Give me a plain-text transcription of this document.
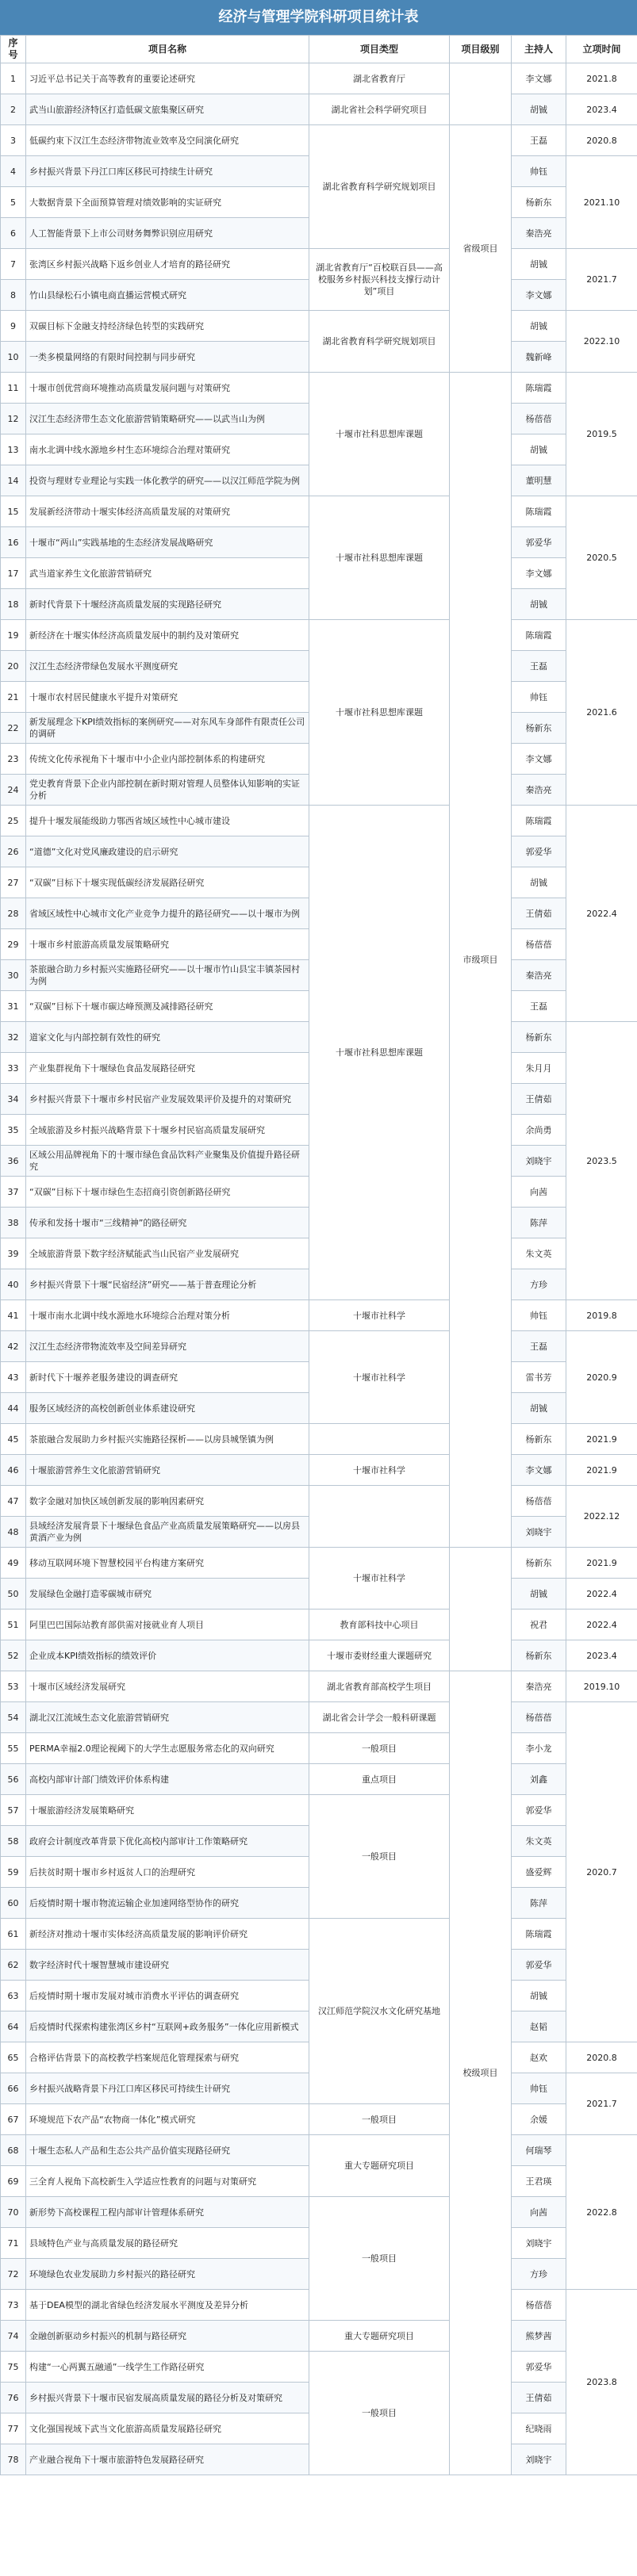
经济与管理学院科研项目统计表
序号	项目名称	项目类型	项目级别	主持人	立项时间
1	习近平总书记关于高等教育的重要论述研究	湖北省教育厅		李文娜	2021.8
2	武当山旅游经济特区打造低碳文旅集聚区研究	湖北省社会科学研究项目		胡铖	2023.4
3	低碳约束下汉江生态经济带物流业效率及空间演化研究	湖北省教育科学研究规划项目	省级项目	王磊	2020.8
4	乡村振兴背景下丹江口库区移民可持续生计研究			帅钰	2021.10
5	大数据背景下全面预算管理对绩效影响的实证研究			杨新东	
6	人工智能背景下上市公司财务舞弊识别应用研究			秦浩亮	
7	张湾区乡村振兴战略下返乡创业人才培育的路径研究	湖北省教育厅“百校联百县——高校服务乡村振兴科技支撑行动计划”项目		胡铖	2021.7
8	竹山县绿松石小镇电商直播运营模式研究			李文娜	
9	双碳目标下金融支持经济绿色转型的实践研究	湖北省教育科学研究规划项目		胡铖	2022.10
10	一类多模量网络的有限时间控制与同步研究			魏新峰	
11	十堰市创优营商环境推动高质量发展问题与对策研究	十堰市社科思想库课题	市级项目	陈瑞霞	2019.5
12	汉江生态经济带生态文化旅游营销策略研究——以武当山为例			杨蓓蓓	
13	南水北调中线水源地乡村生态环境综合治理对策研究			胡铖	
14	投资与理财专业理论与实践一体化教学的研究——以汉江师范学院为例			董明慧	
15	发展新经济带动十堰实体经济高质量发展的对策研究	十堰市社科思想库课题		陈瑞霞	2020.5
16	十堰市“两山”实践基地的生态经济发展战略研究			郭爱华	
17	武当道家养生文化旅游营销研究			李文娜	
18	新时代背景下十堰经济高质量发展的实现路径研究			胡铖	
19	新经济在十堰实体经济高质量发展中的制约及对策研究	十堰市社科思想库课题		陈瑞霞	2021.6
20	汉江生态经济带绿色发展水平测度研究			王磊	
21	十堰市农村居民健康水平提升对策研究			帅钰	
22	新发展理念下KPI绩效指标的案例研究——对东风车身部件有限责任公司的调研			杨新东	
23	传统文化传承视角下十堰市中小企业内部控制体系的构建研究			李文娜	
24	党史教育背景下企业内部控制在新时期对管理人员整体认知影响的实证分析			秦浩亮	
25	提升十堰发展能级助力鄂西省域区域性中心城市建设	十堰市社科思想库课题		陈瑞霞	2022.4
26	“道德”文化对党风廉政建设的启示研究			郭爱华	
27	“双碳”目标下十堰实现低碳经济发展路径研究			胡铖	
28	省域区域性中心城市文化产业竞争力提升的路径研究——以十堰市为例			王倩茹	
29	十堰市乡村旅游高质量发展策略研究			杨蓓蓓	
30	茶旅融合助力乡村振兴实施路径研究——以十堰市竹山县宝丰镇茶园村为例			秦浩亮	
31	“双碳”目标下十堰市碳达峰预测及减排路径研究			王磊	
32	道家文化与内部控制有效性的研究			杨新东	2023.5
33	产业集群视角下十堰绿色食品发展路径研究			朱月月	
34	乡村振兴背景下十堰市乡村民宿产业发展效果评价及提升的对策研究			王倩茹	
35	全域旅游及乡村振兴战略背景下十堰乡村民宿高质量发展研究			余尚勇	
36	区域公用品牌视角下的十堰市绿色食品饮料产业聚集及价值提升路径研究			刘晓宇	
37	“双碳”目标下十堰市绿色生态招商引资创新路径研究			向茜	
38	传承和发扬十堰市“三线精神”的路径研究			陈萍	
39	全域旅游背景下数字经济赋能武当山民宿产业发展研究			朱文英	
40	乡村振兴背景下十堰“民宿经济”研究——基于普查理论分析			方珍	
41	十堰市南水北调中线水源地水环境综合治理对策分析	十堰市社科学		帅钰	2019.8
42	汉江生态经济带物流效率及空间差异研究	十堰市社科学		王磊	2020.9
43	新时代下十堰养老服务建设的调查研究			雷书芳	
44	服务区域经济的高校创新创业体系建设研究			胡铖	
45	茶旅融合发展助力乡村振兴实施路径探析——以房县城堡镇为例			杨新东	2021.9
46	十堰旅游营养生文化旅游营销研究	十堰市社科学		李文娜	2021.9
47	数字金融对加快区域创新发展的影响因素研究			杨蓓蓓	2022.12
48	县域经济发展背景下十堰绿色食品产业高质量发展策略研究——以房县黄酒产业为例			刘晓宇	
49	移动互联网环境下智慧校园平台构建方案研究	十堰市社科学		杨新东	2021.9
50	发展绿色金融打造零碳城市研究			胡铖	2022.4
51	阿里巴巴国际站教育部供需对接就业育人项目	教育部科技中心项目		祝君	2022.4
52	企业成本KPI绩效指标的绩效评价	十堰市委财经重大课题研究		杨新东	2023.4
53	十堰市区域经济发展研究	湖北省教育部高校学生项目	校级项目	秦浩亮	2019.10
54	湖北汉江流域生态文化旅游营销研究	湖北省会计学会一般科研课题		杨蓓蓓	2020.7
55	PERMA幸福2.0理论视阈下的大学生志愿服务常态化的双向研究	一般项目		李小龙	
56	高校内部审计部门绩效评价体系构建	重点项目		刘鑫	
57	十堰旅游经济发展策略研究	一般项目		郭爱华	
58	政府会计制度改革背景下优化高校内部审计工作策略研究			朱文英	
59	后扶贫时期十堰市乡村返贫人口的治理研究			盛爱辉	
60	后疫情时期十堰市物流运输企业加速网络型协作的研究			陈萍	
61	新经济对推动十堰市实体经济高质量发展的影响评价研究	汉江师范学院汉水文化研究基地		陈瑞霞	
62	数字经济时代十堰智慧城市建设研究			郭爱华	
63	后疫情时期十堰市发展对城市消费水平评估的调查研究			胡铖	
64	后疫情时代探索构建张湾区乡村“互联网+政务服务”一体化应用新模式			赵韬	
65	合格评估背景下的高校教学档案规范化管理探索与研究			赵欢	2020.8
66	乡村振兴战略背景下丹江口库区移民可持续生计研究			帅钰	2021.7
67	环境规范下农产品“农物商一体化”模式研究	一般项目		余媛	
68	十堰生态私人产品和生态公共产品价值实现路径研究	重大专题研究项目		何瑞琴	2022.8
69	三全育人视角下高校新生入学适应性教育的问题与对策研究			王君瑛	
70	新形势下高校课程工程内部审计管理体系研究	一般项目		向茜	
71	县域特色产业与高质量发展的路径研究			刘晓宇	
72	环境绿色农业发展助力乡村振兴的路径研究			方珍	
73	基于DEA模型的湖北省绿色经济发展水平测度及差异分析			杨蓓蓓	2023.8
74	金融创新驱动乡村振兴的机制与路径研究	重大专题研究项目		熊梦茜	
75	构建“一心两翼五融通”一线学生工作路径研究	一般项目		郭爱华	
76	乡村振兴背景下十堰市民宿发展高质量发展的路径分析及对策研究			王倩茹	
77	文化强国视域下武当文化旅游高质量发展路径研究			纪晓雨	
78	产业融合视角下十堰市旅游特色发展路径研究			刘晓宇	
